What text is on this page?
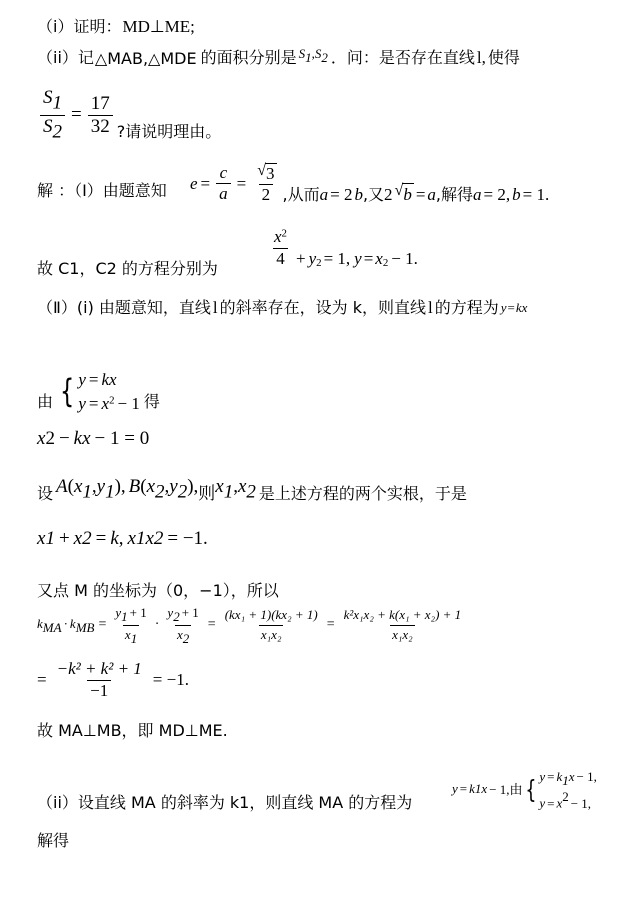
（i）证明： MD⊥ME;
（ii）记 △MAB,△MDE 的面积分别是 $S_1,S_2$ ．问：是否存在直线 l, 使得
$\frac{S1}{S2} = \frac{17}{32}$ ?请说明理由。
解 ：（Ⅰ）由题意知 $e = \frac{c}{a} = \frac{√ 3}{2}$ ,从而 a = 2 b ,又 2 √ b = a ,解得 a = 2, b = 1.
故 C1，C2 的方程分别为	$\frac{x^2}{4} + y$ 2 = 1, y = x 2 − 1.
（Ⅱ）(i) 由题意知，直线 l 的斜率存在，设为 k，则直线 l 的方程为 y=kx
由 { y = kx
$y = x^2 - 1$ 得
x 2 − kx − 1 = 0
设 A(x1,y1), B(x2,y2), 则 x1,x2 是上述方程的两个实根，于是
x 1 + x 2 = k , x 1 x 2 = −1.
又点 M 的坐标为（0，−1），所以
$k_{MA} \cdot k_{MB} = \frac{y_1 + 1}{x_1} \cdot \frac{y_2 + 1}{x_2} = \frac{\text{(kx₁ + 1)(kx₂ + 1)}}{\text{x₁x₂}} = \frac{\text{k²x₁x₂ + k(x₁ + x₂) + 1}}{\text{x₁x₂}}$
= $\frac{\text{−k² + k² + 1}}{-1} = -1$.
故 MA⊥MB，即 MD⊥ME.
（ii）设直线 MA 的斜率为 k1，则直线 MA 的方程为
y = k 1 x − 1,由 { $y = k_1x - 1$,
$y = x^2 - 1$,
解得
